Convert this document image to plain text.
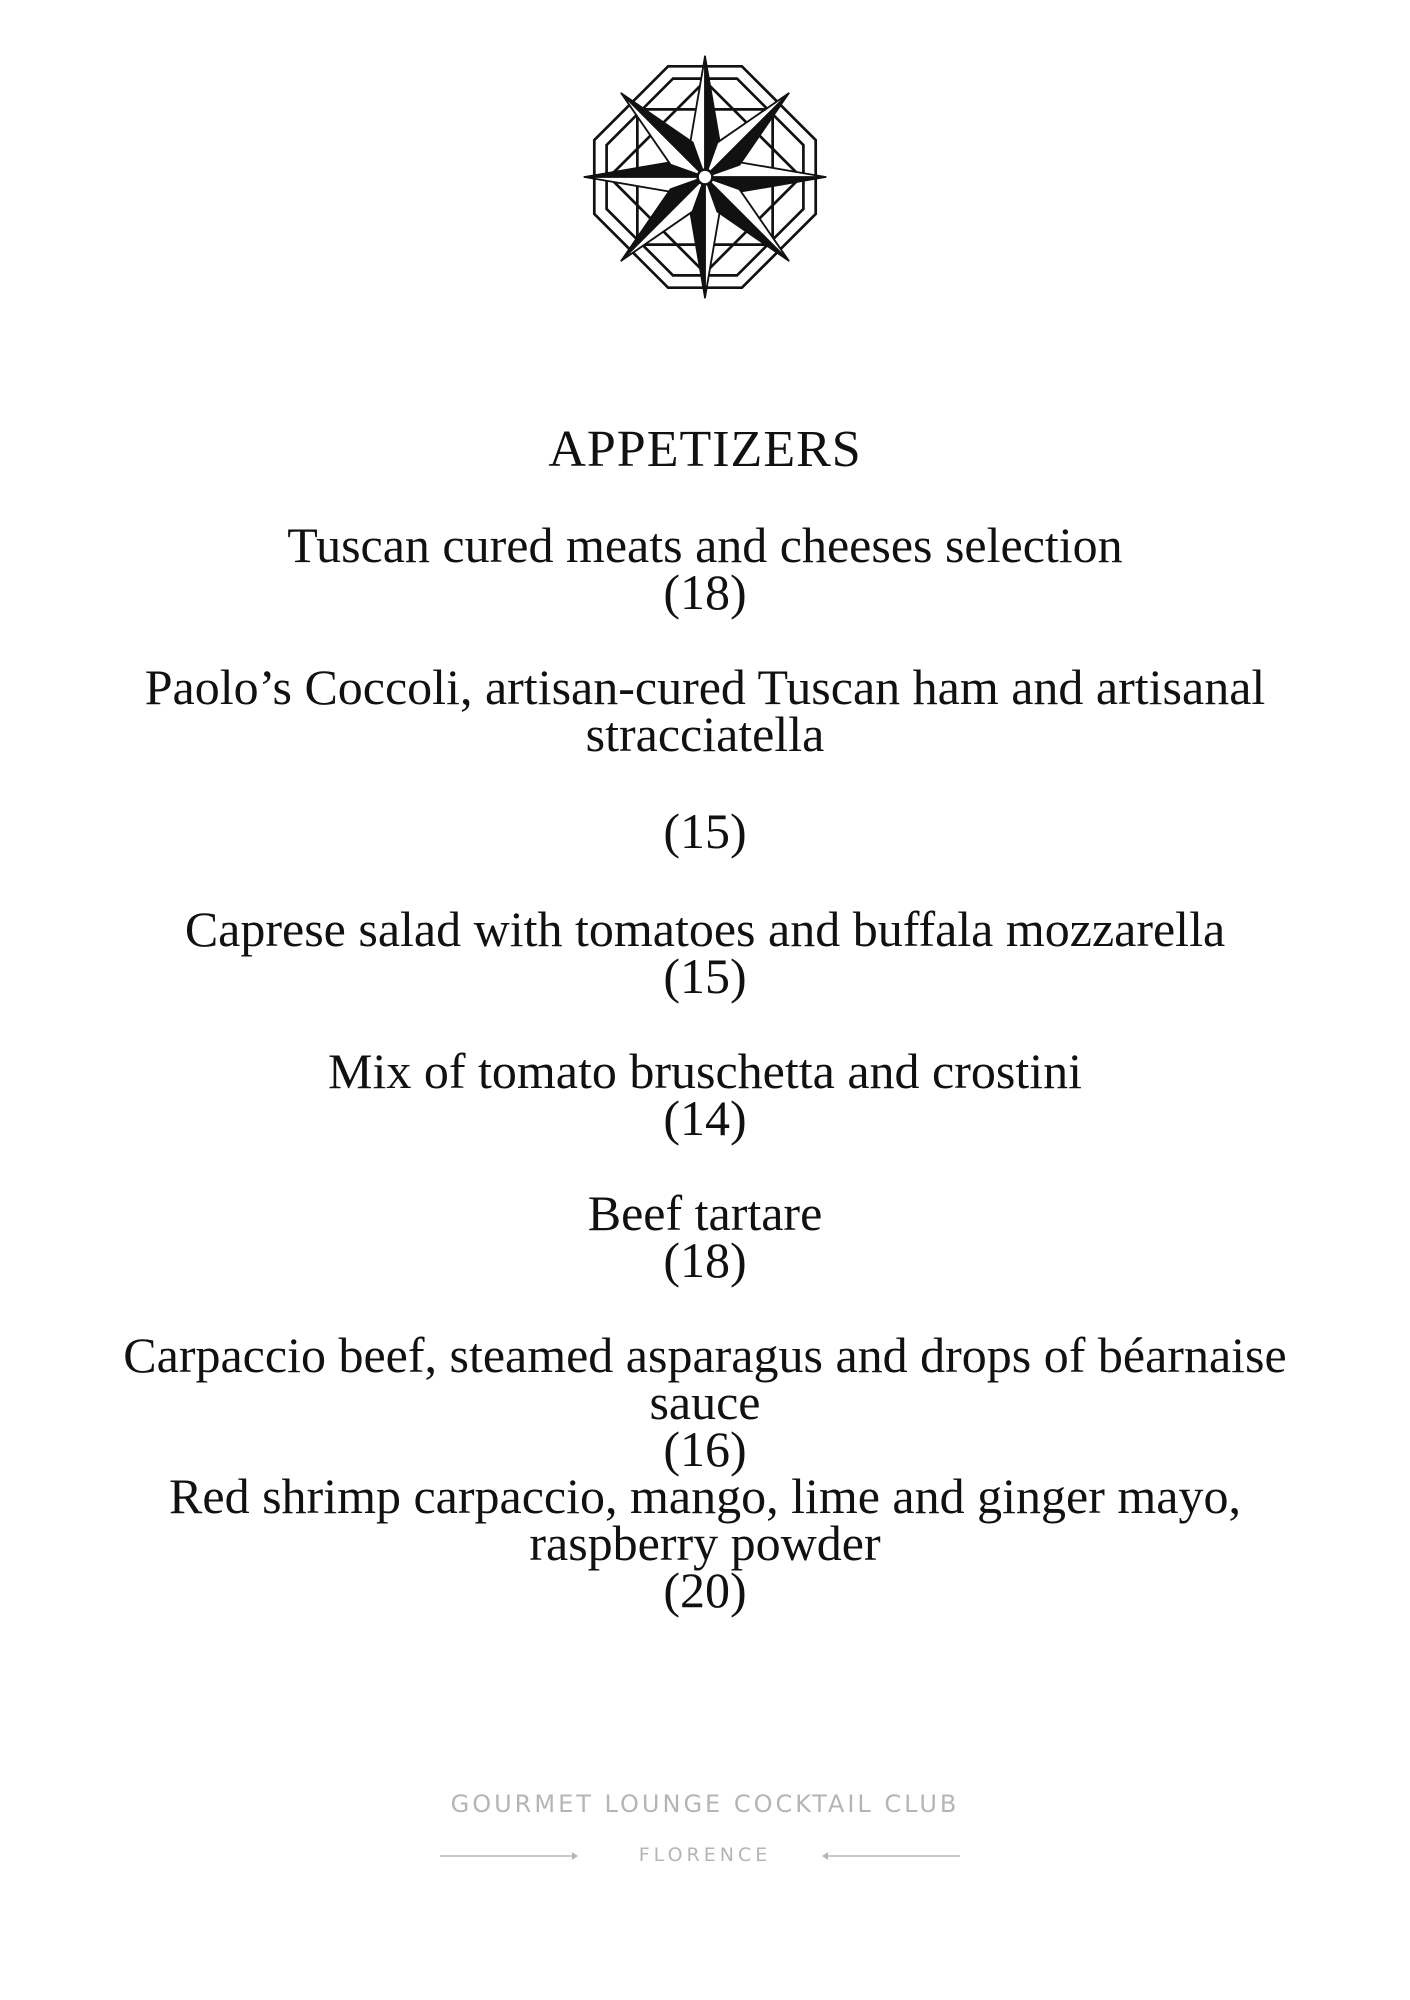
APPETIZERS
Tuscan cured meats and cheeses selection
(18)
Paolo’s Coccoli, artisan-cured Tuscan ham and artisanal stracciatella
(15)
Caprese salad with tomatoes and buffala mozzarella
(15)
Mix of tomato bruschetta and crostini
(14)
Beef tartare
(18)
Carpaccio beef, steamed asparagus and drops of béarnaise sauce
(16)
Red shrimp carpaccio, mango, lime and ginger mayo, raspberry powder
(20)
GOURMET LOUNGE COCKTAIL CLUB
FLORENCE
